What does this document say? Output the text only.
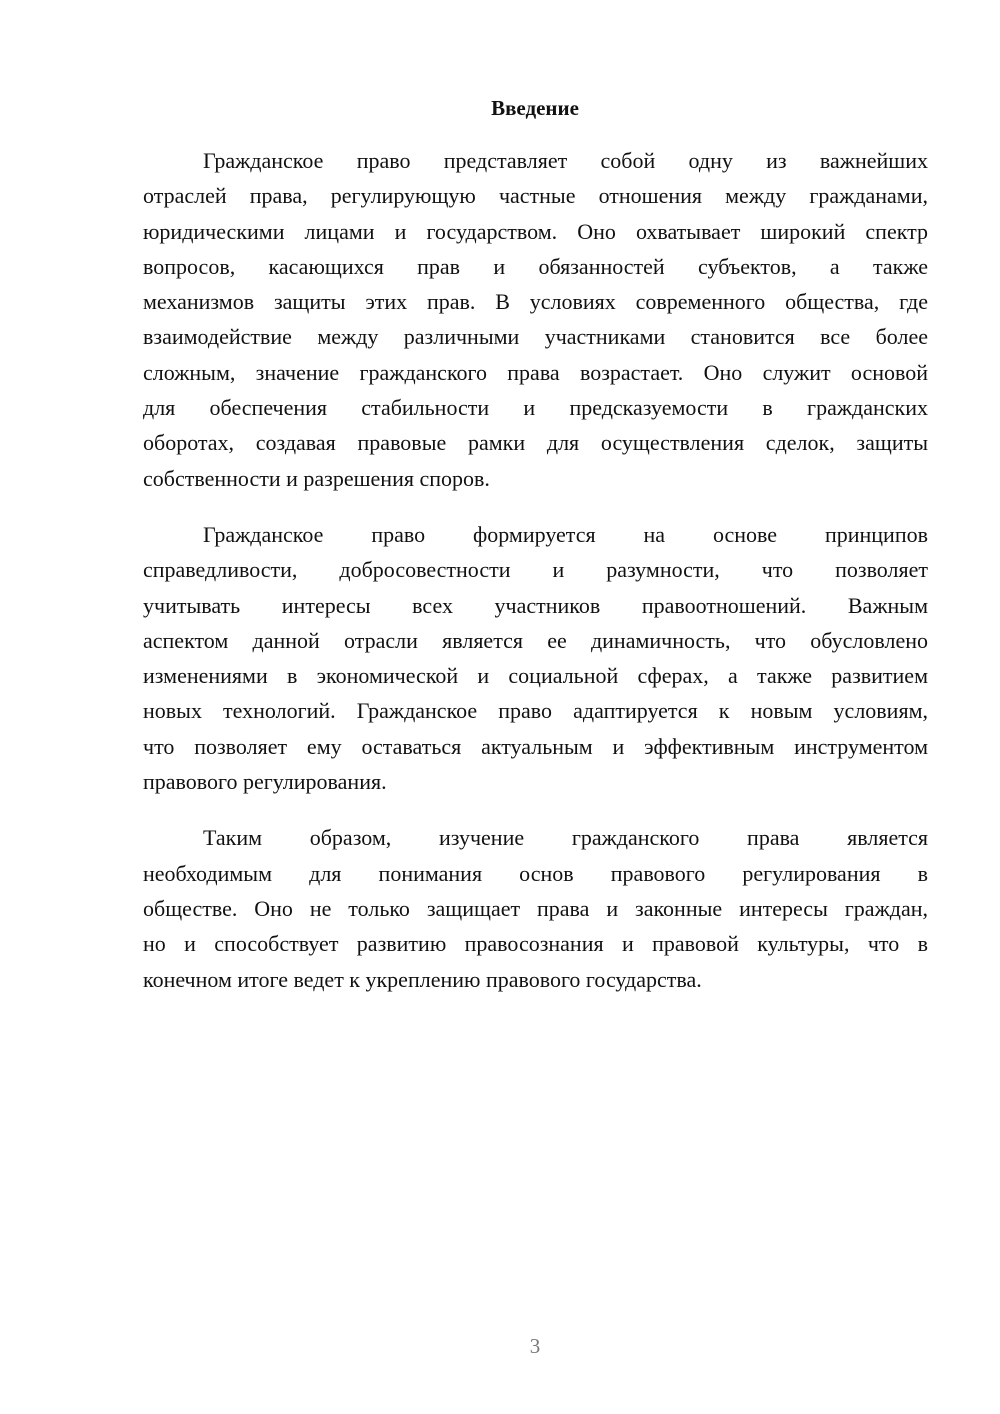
Введение
Гражданское право представляет собой одну из важнейших
отраслей права, регулирующую частные отношения между гражданами,
юридическими лицами и государством. Оно охватывает широкий спектр
вопросов, касающихся прав и обязанностей субъектов, а также
механизмов защиты этих прав. В условиях современного общества, где
взаимодействие между различными участниками становится все более
сложным, значение гражданского права возрастает. Оно служит основой
для обеспечения стабильности и предсказуемости в гражданских
оборотах, создавая правовые рамки для осуществления сделок, защиты
собственности и разрешения споров.
Гражданское право формируется на основе принципов
справедливости, добросовестности и разумности, что позволяет
учитывать интересы всех участников правоотношений. Важным
аспектом данной отрасли является ее динамичность, что обусловлено
изменениями в экономической и социальной сферах, а также развитием
новых технологий. Гражданское право адаптируется к новым условиям,
что позволяет ему оставаться актуальным и эффективным инструментом
правового регулирования.
Таким образом, изучение гражданского права является
необходимым для понимания основ правового регулирования в
обществе. Оно не только защищает права и законные интересы граждан,
но и способствует развитию правосознания и правовой культуры, что в
конечном итоге ведет к укреплению правового государства.
3
